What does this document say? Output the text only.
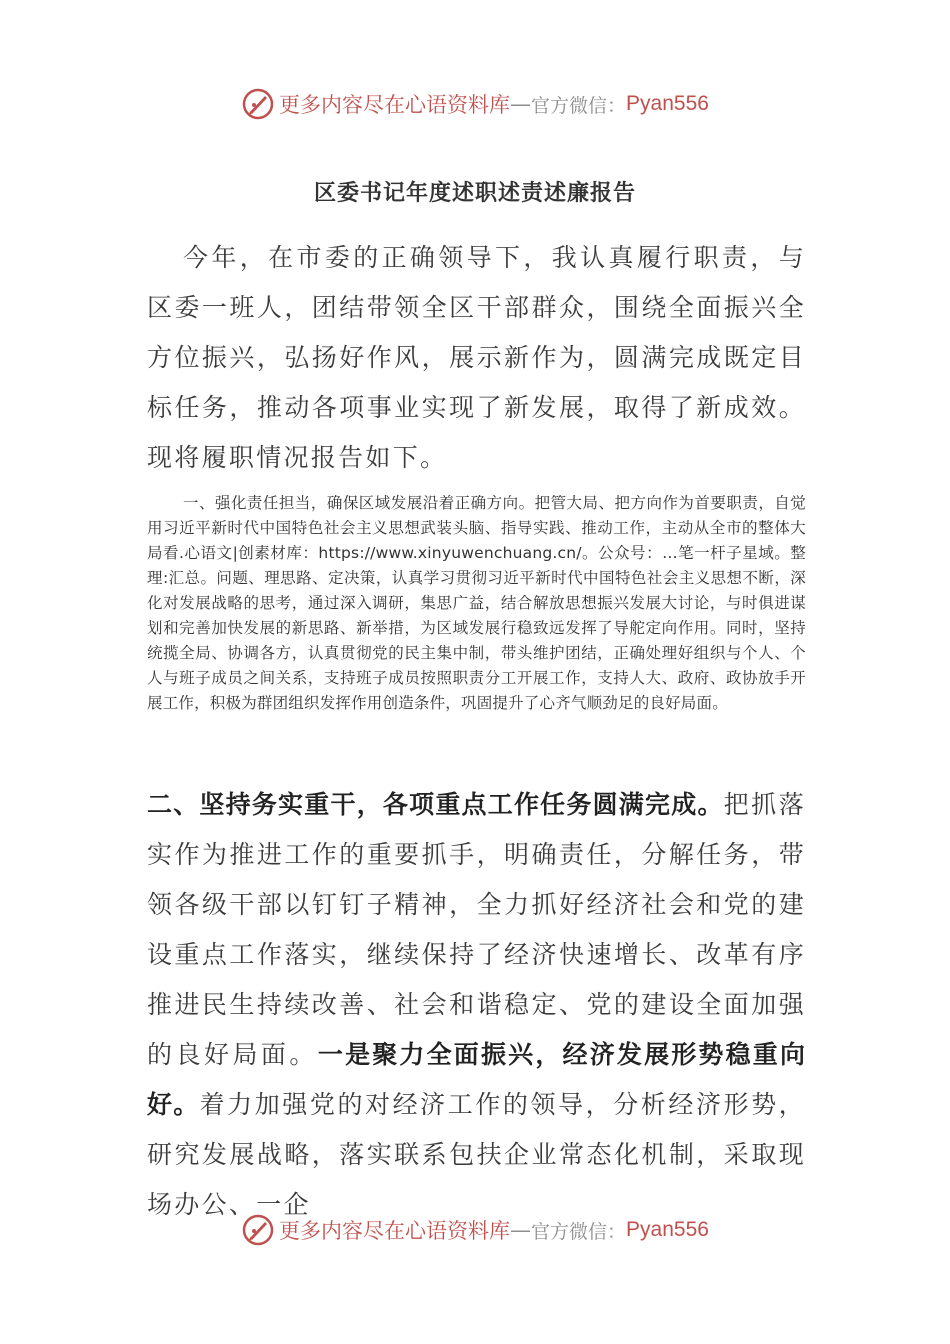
更多内容尽在心语资料库 — 官方微信： Pyan556
区委书记年度述职述责述廉报告

今年，在市委的正确领导下，我认真履行职责，与区委一班人，团结带领全区干部群众，围绕全面振兴全方位振兴，弘扬好作风，展示新作为，圆满完成既定目标任务，推动各项事业实现了新发展，取得了新成效。现将履职情况报告如下。

一、强化责任担当，确保区域发展沿着正确方向。把管大局、把方向作为首要职责，自觉用习近平新时代中国特色社会主义思想武装头脑、指导实践、推动工作，主动从全市的整体大局看.心语文|创素材库：https://www.xinyuwenchuang.cn/。公众号：…笔一杆子星域。整理:汇总。问题、理思路、定决策，认真学习贯彻习近平新时代中国特色社会主义思想不断，深化对发展战略的思考，通过深入调研，集思广益，结合解放思想振兴发展大讨论，与时俱进谋划和完善加快发展的新思路、新举措，为区域发展行稳致远发挥了导舵定向作用。同时，坚持统揽全局、协调各方，认真贯彻党的民主集中制，带头维护团结，正确处理好组织与个人、个人与班子成员之间关系，支持班子成员按照职责分工开展工作，支持人大、政府、政协放手开展工作，积极为群团组织发挥作用创造条件，巩固提升了心齐气顺劲足的良好局面。

二、坚持务实重干，各项重点工作任务圆满完成。把抓落实作为推进工作的重要抓手，明确责任，分解任务，带领各级干部以钉钉子精神，全力抓好经济社会和党的建设重点工作落实，继续保持了经济快速增长、改革有序推进民生持续改善、社会和谐稳定、党的建设全面加强的良好局面。一是聚力全面振兴，经济发展形势稳重向好。着力加强党的对经济工作的领导，分析经济形势，研究发展战略，落实联系包扶企业常态化机制，采取现场办公、一企

更多内容尽在心语资料库 — 官方微信： Pyan556
